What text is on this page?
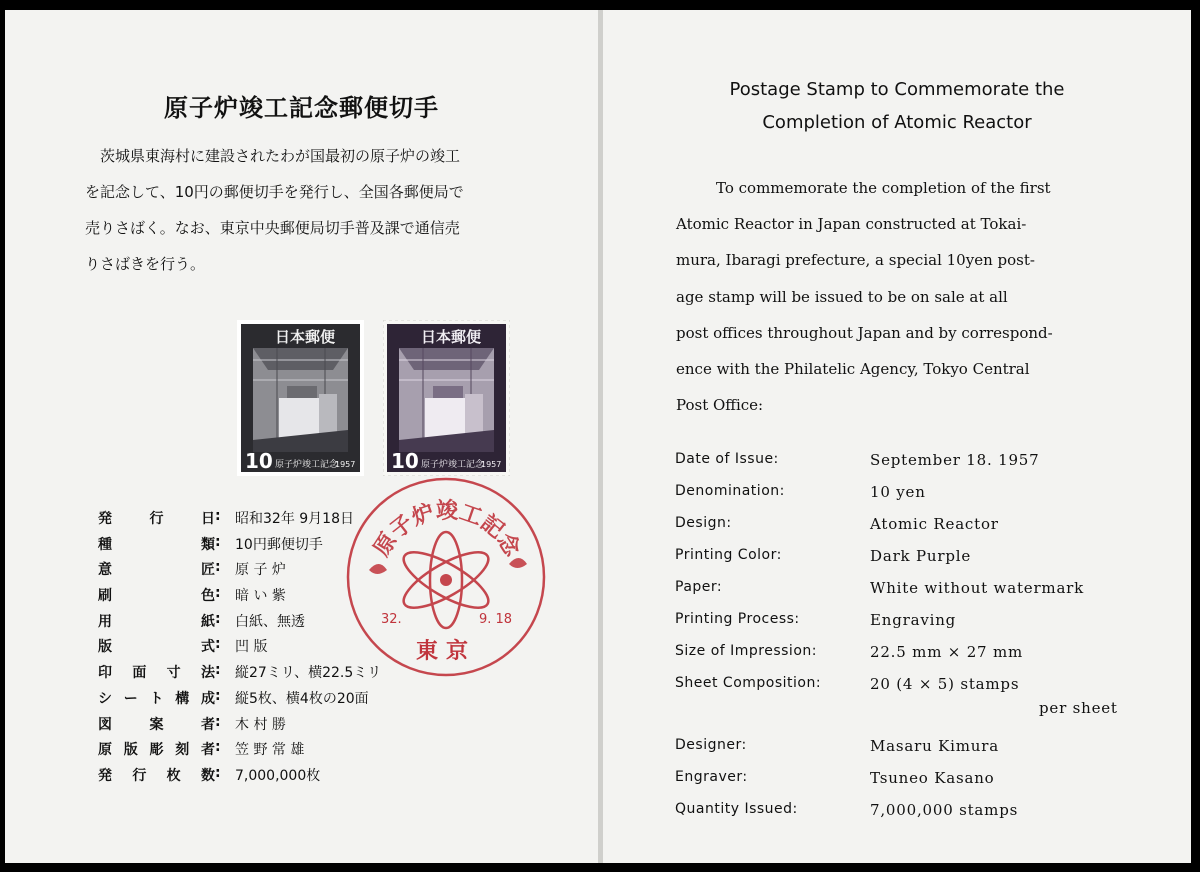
原子炉竣工記念郵便切手
茨城県東海村に建設されたわが国最初の原子炉の竣工
を記念して、10円の郵便切手を発行し、全国各郵便局で
売りさばく。なお、東京中央郵便局切手普及課で通信売
りさばきを行う。
日本郵便
10 原子炉竣工記念
1957
日本郵便
10 原子炉竣工記念
1957
発行日 : 昭和32年 9月18日
種類 : 10円郵便切手
意匠 : 原 子 炉
刷色 : 暗 い 紫
用紙 : 白紙、無透
版式 : 凹 版
印面寸法 : 縦27ミリ、横22.5ミリ
シート構成 : 縦5枚、横4枚の20面
図案者 : 木 村 勝
原版彫刻者 : 笠 野 常 雄
発行枚数 : 7,000,000枚
原子炉竣工記念
32.	9. 18
東京
Postage Stamp to Commemorate the
Completion of Atomic Reactor
To commemorate the completion of the first
Atomic Reactor in Japan constructed at Tokai-
mura, Ibaragi prefecture, a special 10yen post-
age stamp will be issued to be on sale at all
post offices throughout Japan and by correspond-
ence with the Philatelic Agency, Tokyo Central
Post Office:
Date of Issue:	September 18. 1957
Denomination:	10 yen
Design:	Atomic Reactor
Printing Color:	Dark Purple
Paper:	White without watermark
Printing Process:	Engraving
Size of Impression:	22.5 mm × 27 mm
Sheet Composition:	20 (4 × 5) stamps
per sheet
Designer:	Masaru Kimura
Engraver:	Tsuneo Kasano
Quantity Issued:	7,000,000 stamps
